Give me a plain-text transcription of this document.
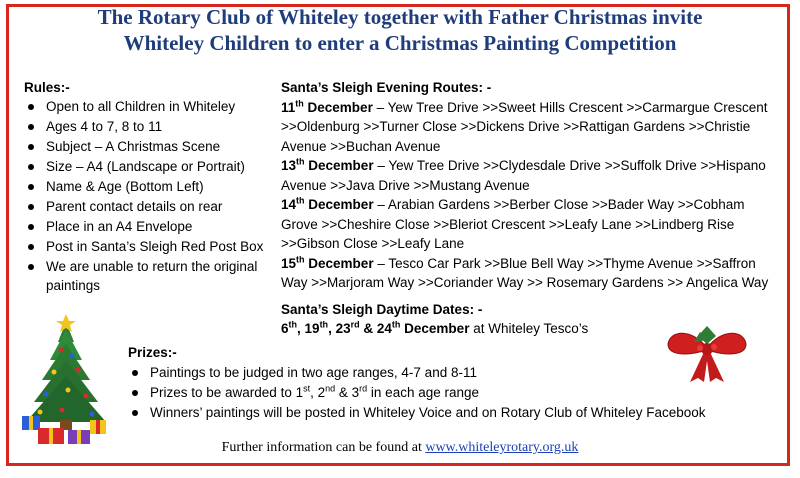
The Rotary Club of Whiteley together with Father Christmas invite
Whiteley Children to enter a Christmas Painting Competition
Rules:-
Open to all Children in Whiteley
Ages 4 to 7, 8 to 11
Subject – A Christmas Scene
Size – A4 (Landscape or Portrait)
Name & Age (Bottom Left)
Parent contact details on rear
Place in an A4 Envelope
Post in Santa’s Sleigh Red Post Box
We are unable to return the original paintings
Santa’s Sleigh Evening Routes: -
11th December – Yew Tree Drive >>Sweet Hills Crescent >>Carmargue Crescent >>Oldenburg >>Turner Close >>Dickens Drive >>Rattigan Gardens >>Christie Avenue >>Buchan Avenue
13th December – Yew Tree Drive >>Clydesdale Drive >>Suffolk Drive >>Hispano Avenue >>Java Drive >>Mustang Avenue
14th December – Arabian Gardens >>Berber Close >>Bader Way >>Cobham Grove >>Cheshire Close >>Bleriot Crescent >>Leafy Lane >>Lindberg Rise >>Gibson Close >>Leafy Lane
15th December – Tesco Car Park >>Blue Bell Way >>Thyme Avenue >>Saffron Way >>Marjoram Way >>Coriander Way >> Rosemary Gardens >> Angelica Way
Santa’s Sleigh Daytime Dates: -
6th, 19th, 23rd & 24th December at Whiteley Tesco’s
Prizes:-
Paintings to be judged in two age ranges, 4-7 and 8-11
Prizes to be awarded to 1st, 2nd & 3rd in each age range
Winners’ paintings will be posted in Whiteley Voice and on Rotary Club of Whiteley Facebook
Further information can be found at www.whiteleyrotary.org.uk
